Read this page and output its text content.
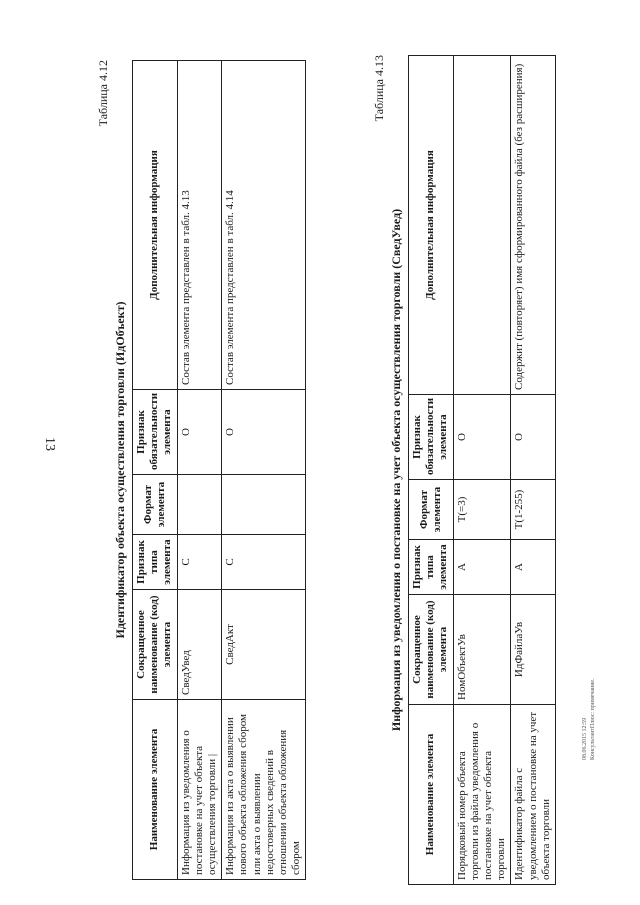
13
Таблица 4.12
Идентификатор объекта осуществления торговли (ИдОбъект)
Наименование элемента	Сокращенное наименование (код) элемента	Признак типа элемента	Формат элемента	Признак обязательности элемента	Дополнительная информация
Информация из уведомления о постановке на учет объекта осуществления торговли |	СведУвед	С		О	Состав элемента представлен в табл. 4.13
Информация из акта о выявлении нового объекта обложения сбором или акта о выявлении недостоверных сведений в отношении объекта обложения сбором	СведАкт	С		О	Состав элемента представлен в табл. 4.14
Таблица 4.13
Информация из уведомления о постановке на учет объекта осуществления торговли (СведУвед)
Наименование элемента	Сокращенное наименование (код) элемента	Признак типа элемента	Формат элемента	Признак обязательности элемента	Дополнительная информация
Порядковый номер объекта торговли из файла уведомления о постановке на учет объекта торговли	НомОбъектУв	А	T(=3)	О	
Идентификатор файла с уведомлением о постановке на учет объекта торговли	ИдФайлаУв	А	T(1-255)	О	Содержит (повторяет) имя сформированного файла (без расширения)
08.06.2015 12:59 КонсультантПлюс: примечание.
